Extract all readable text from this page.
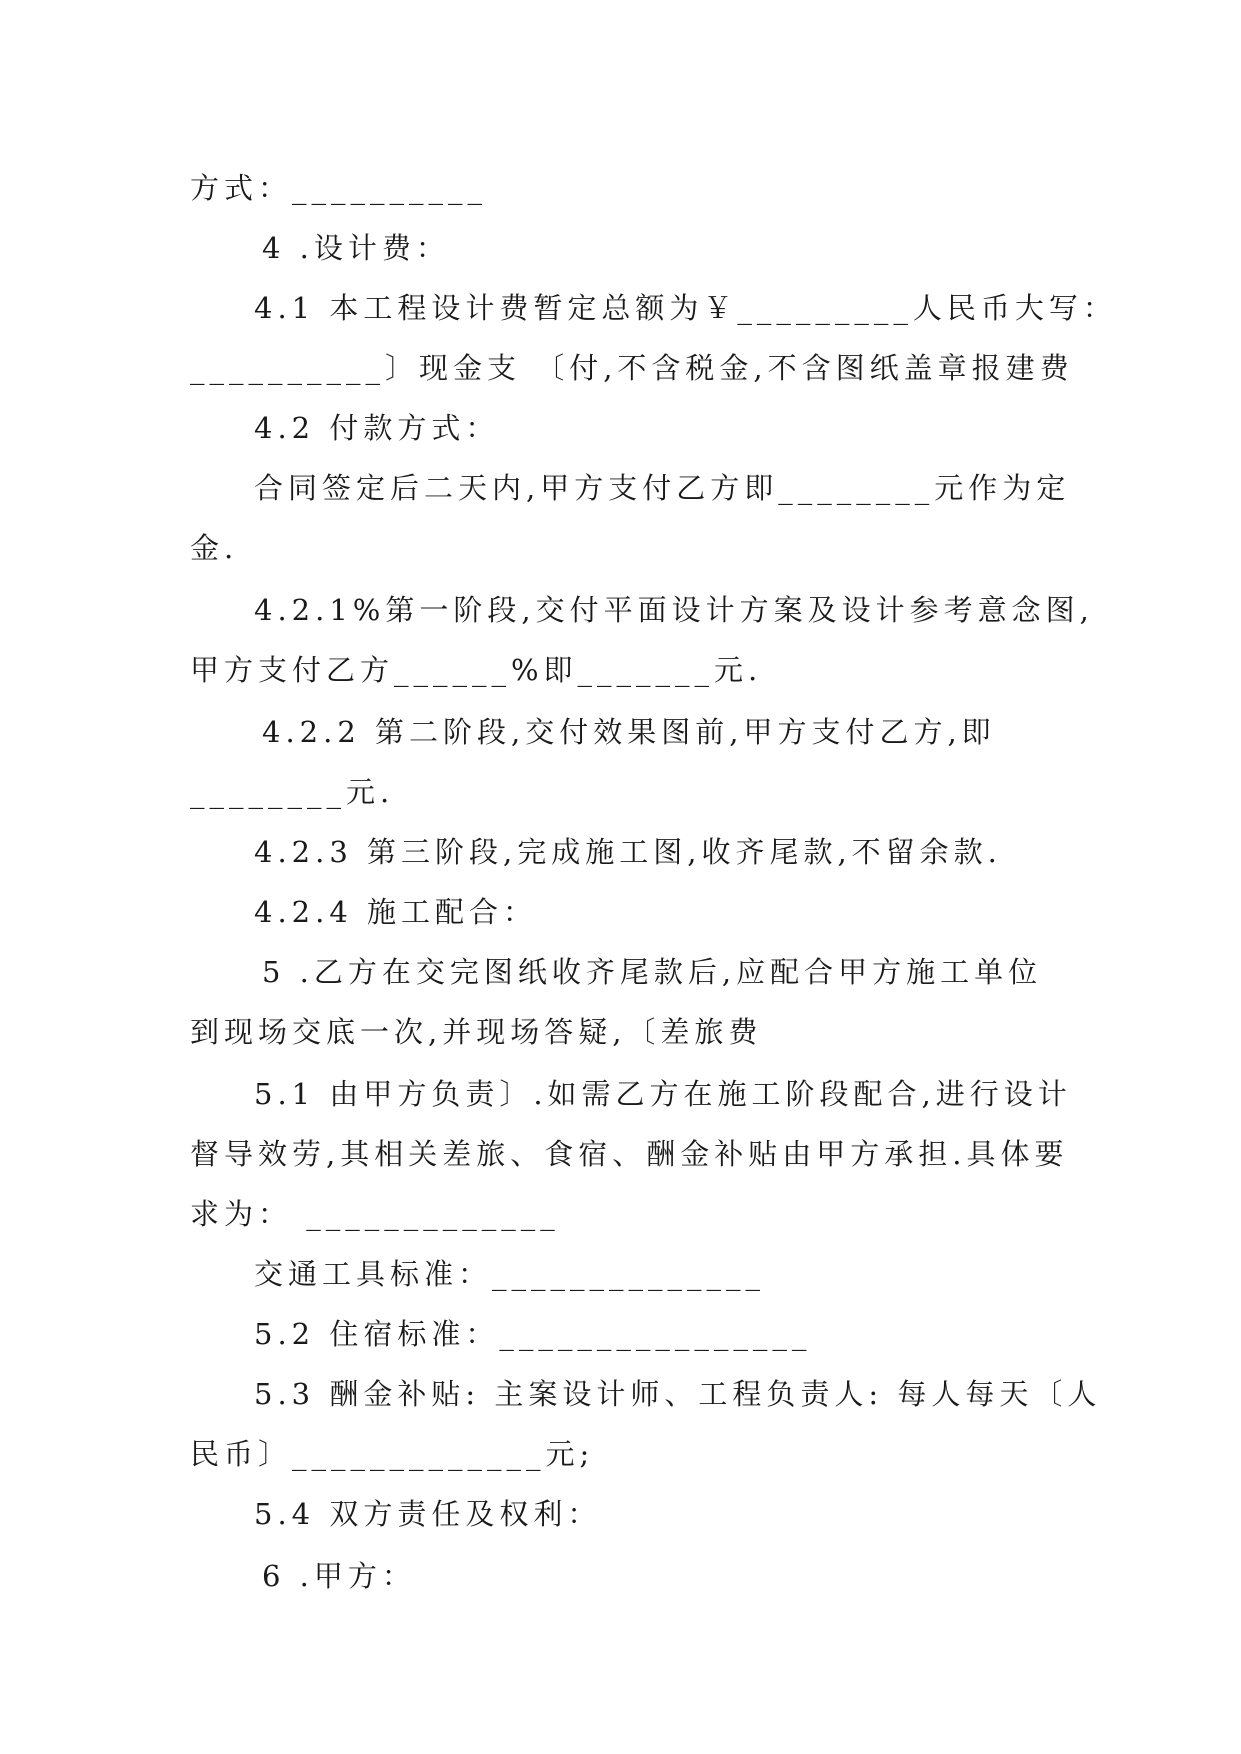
方式：__________
4 .设计费：
4.1 本工程设计费暂定总额为￥_________人民币大写：
__________〕现金支 〔付,不含税金,不含图纸盖章报建费
4.2 付款方式：
合同签定后二天内,甲方支付乙方即________元作为定
金.
4.2.1%第一阶段,交付平面设计方案及设计参考意念图,
甲方支付乙方______%即_______元.
4.2.2 第二阶段,交付效果图前,甲方支付乙方,即
________元.
4.2.3 第三阶段,完成施工图,收齐尾款,不留余款.
4.2.4 施工配合：
5 .乙方在交完图纸收齐尾款后,应配合甲方施工单位
到现场交底一次,并现场答疑,〔差旅费
5.1 由甲方负责〕.如需乙方在施工阶段配合,进行设计
督导效劳,其相关差旅、食宿、酬金补贴由甲方承担.具体要
求为： _____________
交通工具标准：______________
5.2 住宿标准：________________
5.3 酬金补贴: 主案设计师、工程负责人: 每人每天〔人
民币〕_____________元;
5.4 双方责任及权利：
6 .甲方：
